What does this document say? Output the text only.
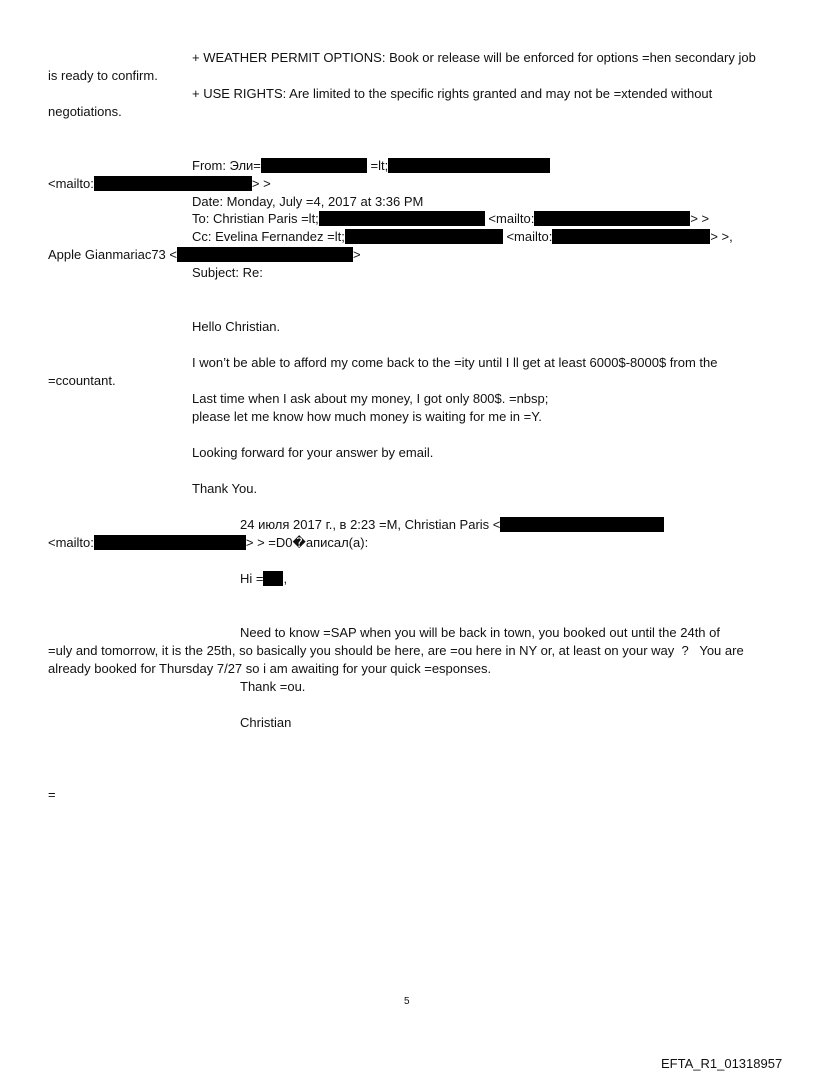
+ WEATHER PERMIT OPTIONS: Book or release will be enforced for options =hen secondary job
is ready to confirm.
+ USE RIGHTS: Are limited to the specific rights granted and may not be =xtended without
negotiations.
From: Эли=	=lt;
<mailto:	> >
Date: Monday, July =4, 2017 at 3:36 PM
To: Christian Paris =lt;	<mailto:	> >
Cc: Evelina Fernandez =lt;	<mailto:	> >,
Apple Gianmariac73 <	>
Subject: Re:
Hello Christian.
I won’t be able to afford my come back to the =ity until I ll get at least 6000$-8000$ from the
=ccountant.
Last time when I ask about my money, I got only 800$. =nbsp;
please let me know how much money is waiting for me in =Y.
Looking forward for your answer by email.
Thank You.
24 июля 2017 г., в 2:23 =M, Christian Paris <
<mailto:	> > =D0�аписал(а):
Hi = ,
Need to know =SAP when you will be back in town, you booked out until the 24th of
=uly and tomorrow, it is the 25th, so basically you should be here, are =ou here in NY or, at least on your way  ?   You are
already booked for Thursday 7/27 so i am awaiting for your quick =esponses.
Thank =ou.
Christian
=
5
EFTA_R1_01318957
